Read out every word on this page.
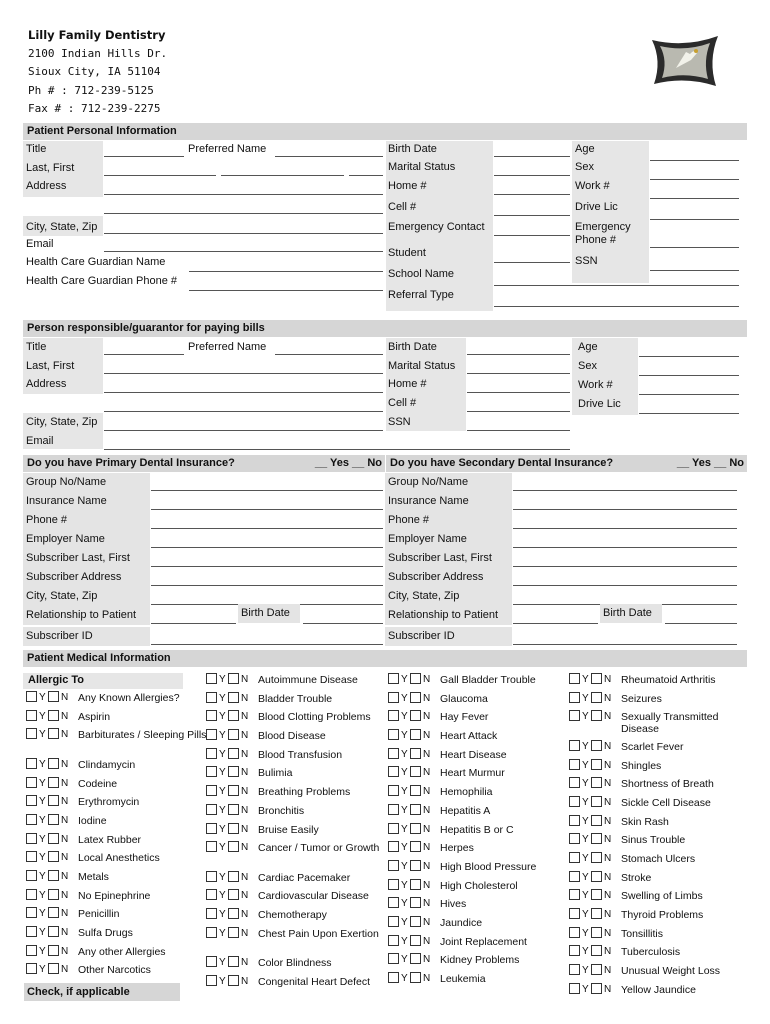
Lilly Family Dentistry
2100 Indian Hills Dr.
Sioux City, IA 51104
Ph # : 712-239-5125
Fax # : 712-239-2275
Patient Personal Information
Title	Preferred Name
Last, First
Address
City, State, Zip
Email
Health Care Guardian Name
Health Care Guardian Phone #
Birth Date
Marital Status
Home #
Cell #
Emergency Contact
Student
School Name
Referral Type
Age
Sex
Work #
Drive Lic
Emergency Phone #
SSN
Person responsible/guarantor for paying bills
Title	Preferred Name
Last, First
Address
City, State, Zip
Email
Birth Date
Marital Status
Home #
Cell #
SSN
Age
Sex
Work #
Drive Lic
Do you have Primary Dental Insurance?	__ Yes __ No Do you have Secondary Dental Insurance?	__ Yes __ No
Group No/Name
Insurance Name
Phone #
Employer Name
Subscriber Last, First
Subscriber Address
City, State, Zip
Relationship to Patient	Birth Date
Subscriber ID
Group No/Name
Insurance Name
Phone #
Employer Name
Subscriber Last, First
Subscriber Address
City, State, Zip
Relationship to Patient	Birth Date
Subscriber ID
Patient Medical Information
Allergic To
Y N Any Known Allergies?
Y N Aspirin
Y N Barbiturates / Sleeping Pills
Y N Clindamycin
Y N Codeine
Y N Erythromycin
Y N Iodine
Y N Latex Rubber
Y N Local Anesthetics
Y N Metals
Y N No Epinephrine
Y N Penicillin
Y N Sulfa Drugs
Y N Any other Allergies
Y N Other Narcotics
Y N Autoimmune Disease
Y N Bladder Trouble
Y N Blood Clotting Problems
Y N Blood Disease
Y N Blood Transfusion
Y N Bulimia
Y N Breathing Problems
Y N Bronchitis
Y N Bruise Easily
Y N Cancer / Tumor or Growth
Y N Cardiac Pacemaker
Y N Cardiovascular Disease
Y N Chemotherapy
Y N Chest Pain Upon Exertion
Y N Color Blindness
Y N Congenital Heart Defect
Y N Gall Bladder Trouble
Y N Glaucoma
Y N Hay Fever
Y N Heart Attack
Y N Heart Disease
Y N Heart Murmur
Y N Hemophilia
Y N Hepatitis A
Y N Hepatitis B or C
Y N Herpes
Y N High Blood Pressure
Y N High Cholesterol
Y N Hives
Y N Jaundice
Y N Joint Replacement
Y N Kidney Problems
Y N Leukemia
Y N Rheumatoid Arthritis
Y N Seizures
Y N Sexually Transmitted Disease
Y N Scarlet Fever
Y N Shingles
Y N Shortness of Breath
Y N Sickle Cell Disease
Y N Skin Rash
Y N Sinus Trouble
Y N Stomach Ulcers
Y N Stroke
Y N Swelling of Limbs
Y N Thyroid Problems
Y N Tonsillitis
Y N Tuberculosis
Y N Unusual Weight Loss
Y N Yellow Jaundice
Check, if applicable
